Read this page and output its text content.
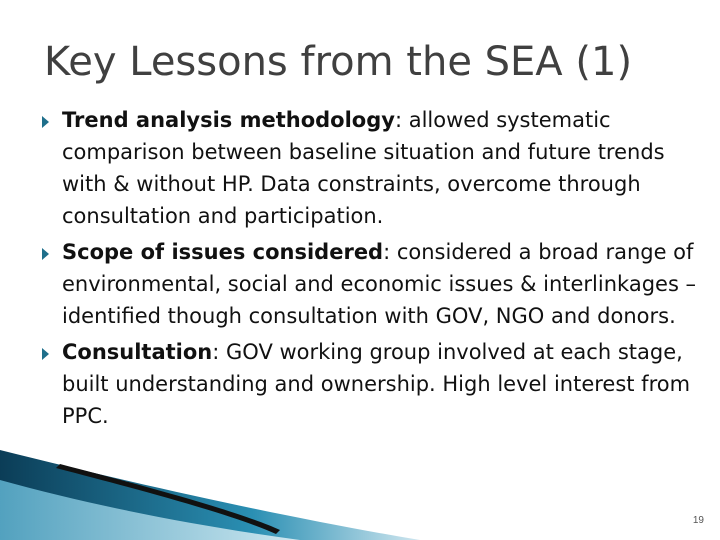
Key Lessons from the SEA (1)
Trend analysis methodology: allowed systematic comparison between baseline situation and future trends with & without HP. Data constraints, overcome through consultation and participation.
Scope of issues considered: considered a broad range of environmental, social and economic issues & interlinkages – identified though consultation with GOV, NGO and donors.
Consultation: GOV working group involved at each stage, built understanding and ownership. High level interest from PPC.
19
